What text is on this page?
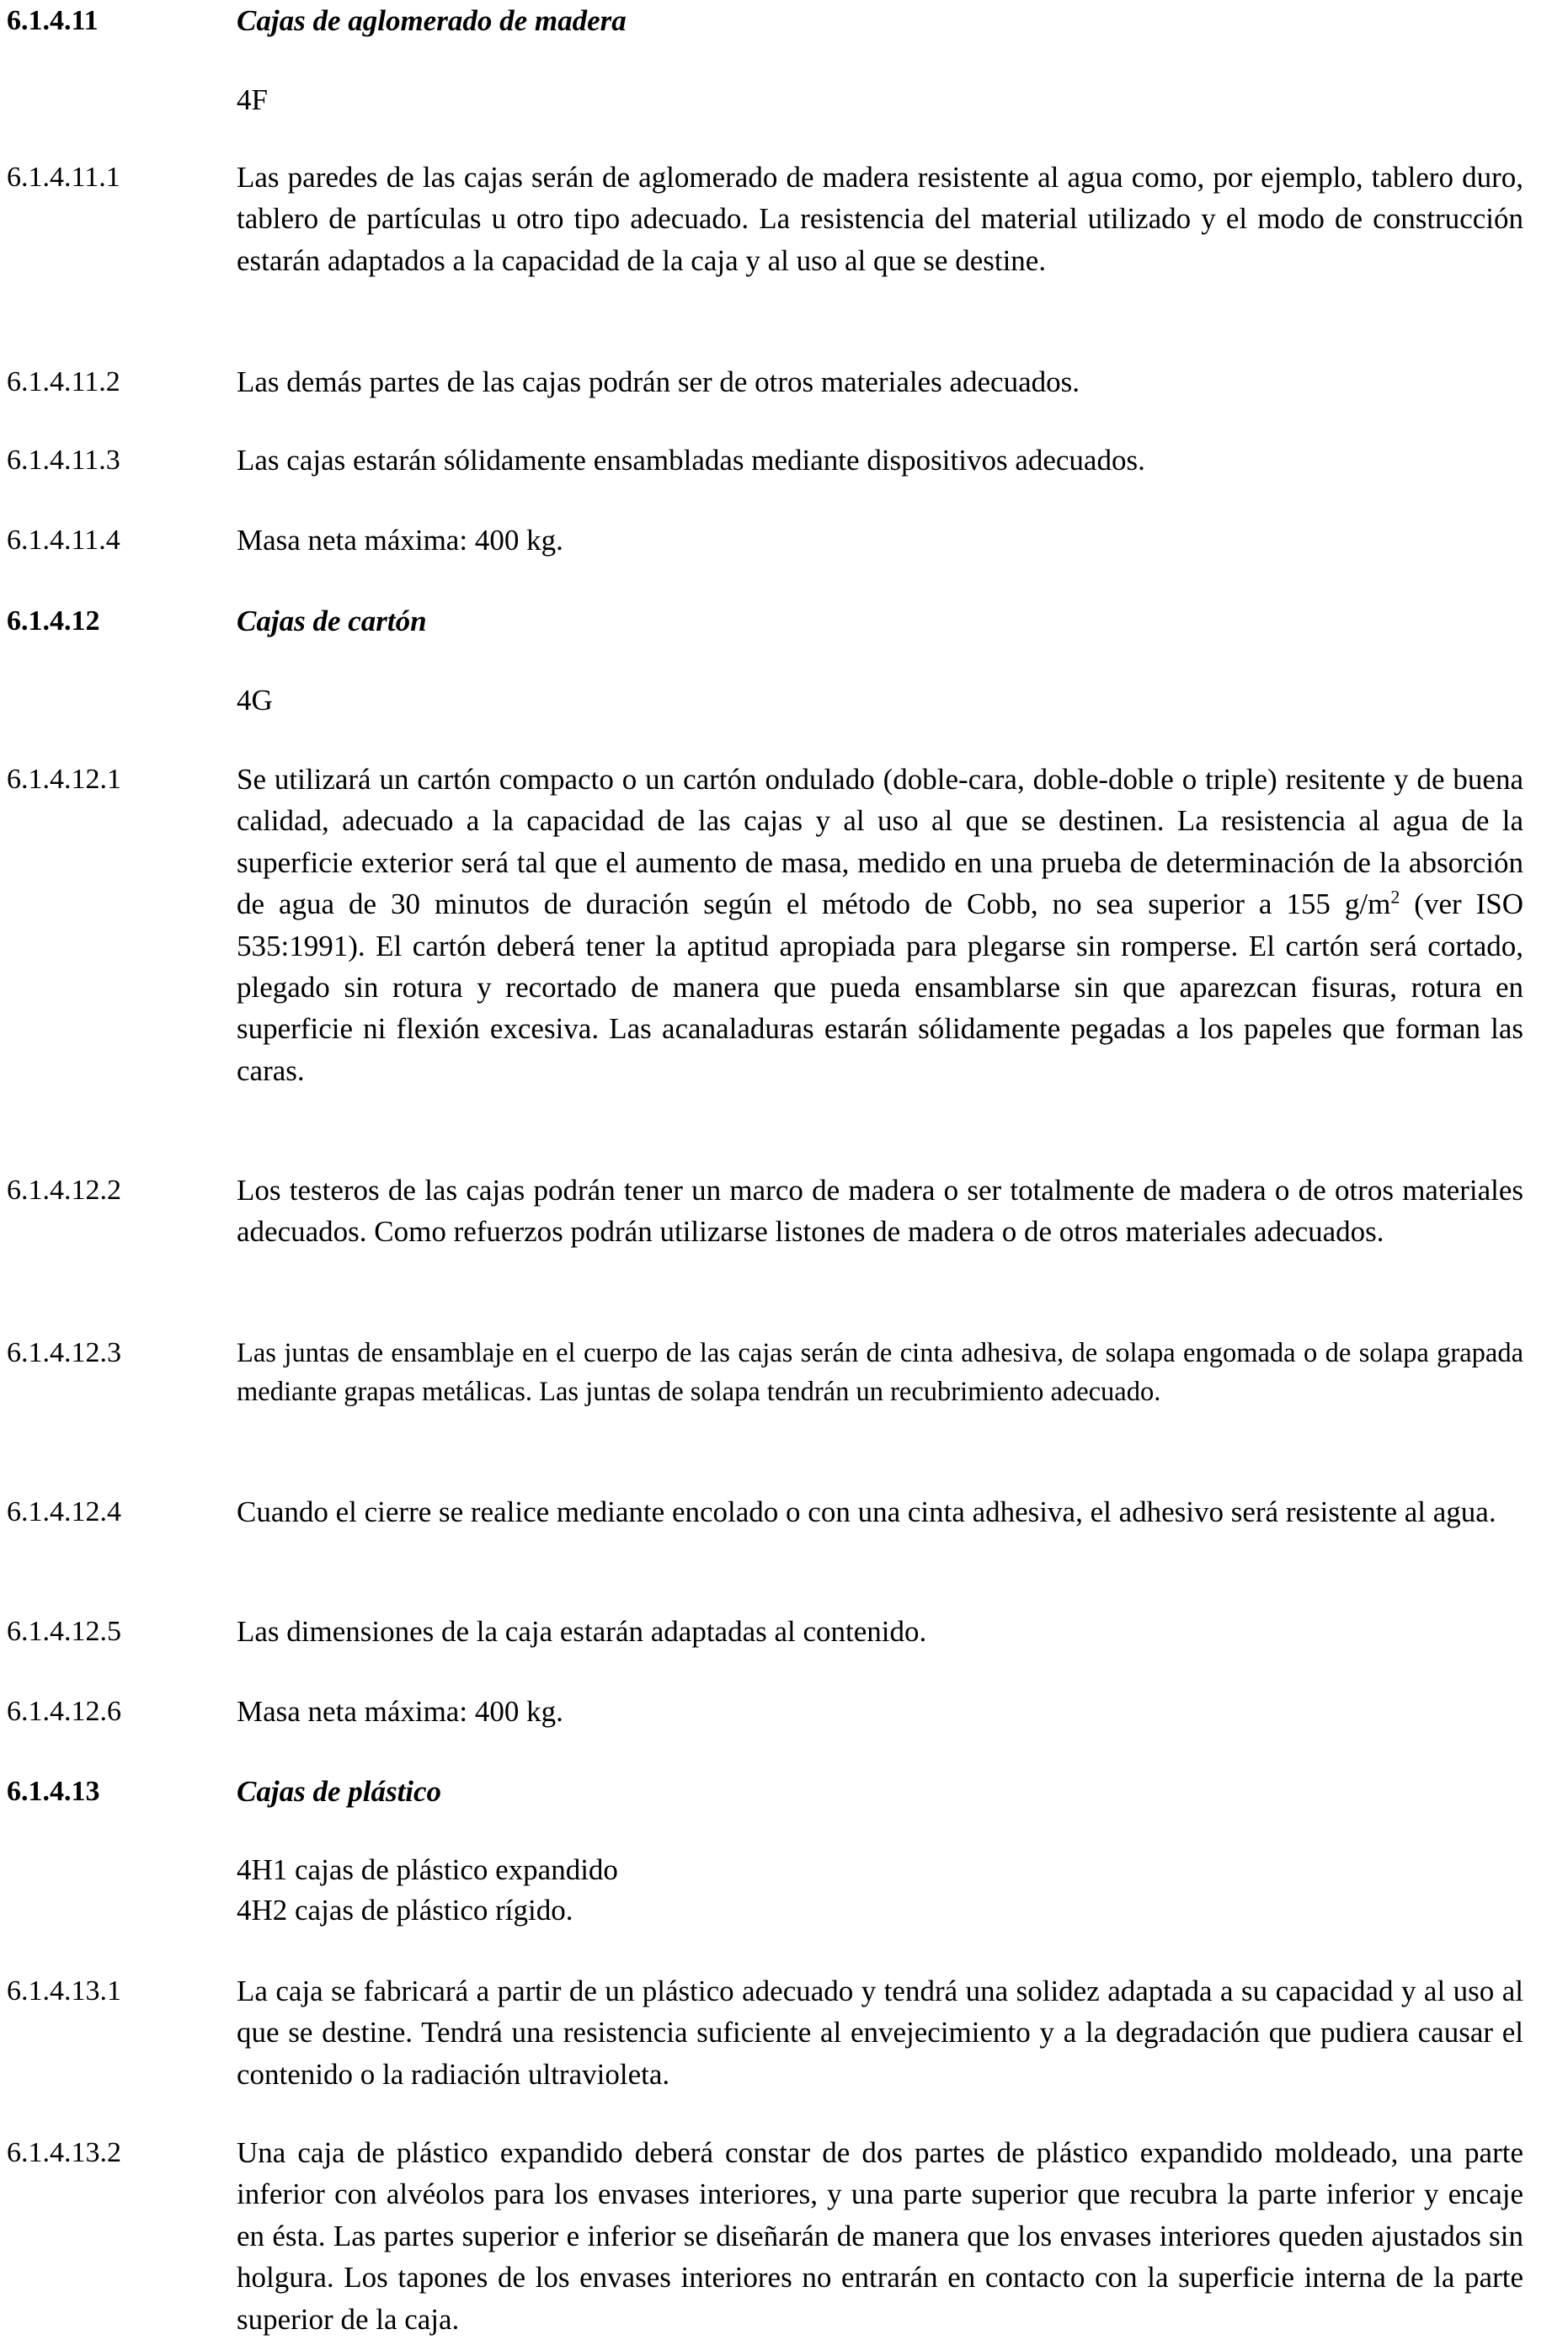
6.1.4.11	Cajas de aglomerado de madera
4F
6.1.4.11.1	Las paredes de las cajas serán de aglomerado de madera resistente al agua como, por ejemplo, tablero duro, tablero de partículas u otro tipo adecuado. La resistencia del material utilizado y el modo de construcción estarán adaptados a la capacidad de la caja y al uso al que se destine.
6.1.4.11.2	Las demás partes de las cajas podrán ser de otros materiales adecuados.
6.1.4.11.3	Las cajas estarán sólidamente ensambladas mediante dispositivos adecuados.
6.1.4.11.4	Masa neta máxima: 400 kg.
6.1.4.12	Cajas de cartón
4G
6.1.4.12.1	Se utilizará un cartón compacto o un cartón ondulado (doble-cara, doble-doble o triple) resitente y de buena calidad, adecuado a la capacidad de las cajas y al uso al que se destinen. La resistencia al agua de la superficie exterior será tal que el aumento de masa, medido en una prueba de determinación de la absorción de agua de 30 minutos de duración según el método de Cobb, no sea superior a 155 $g/m^2$ (ver ISO 535:1991). El cartón deberá tener la aptitud apropiada para plegarse sin romperse. El cartón será cortado, plegado sin rotura y recortado de manera que pueda ensamblarse sin que aparezcan fisuras, rotura en superficie ni flexión excesiva. Las acanaladuras estarán sólidamente pegadas a los papeles que forman las caras.
6.1.4.12.2	Los testeros de las cajas podrán tener un marco de madera o ser totalmente de madera o de otros materiales adecuados. Como refuerzos podrán utilizarse listones de madera o de otros materiales adecuados.
6.1.4.12.3	Las juntas de ensamblaje en el cuerpo de las cajas serán de cinta adhesiva, de solapa engomada o de solapa grapada mediante grapas metálicas. Las juntas de solapa tendrán un recubrimiento adecuado.
6.1.4.12.4	Cuando el cierre se realice mediante encolado o con una cinta adhesiva, el adhesivo será resistente al agua.
6.1.4.12.5	Las dimensiones de la caja estarán adaptadas al contenido.
6.1.4.12.6	Masa neta máxima: 400 kg.
6.1.4.13	Cajas de plástico
4H1 cajas de plástico expandido
4H2 cajas de plástico rígido.
6.1.4.13.1	La caja se fabricará a partir de un plástico adecuado y tendrá una solidez adaptada a su capacidad y al uso al que se destine. Tendrá una resistencia suficiente al envejecimiento y a la degradación que pudiera causar el contenido o la radiación ultravioleta.
6.1.4.13.2	Una caja de plástico expandido deberá constar de dos partes de plástico expandido moldeado, una parte inferior con alvéolos para los envases interiores, y una parte superior que recubra la parte inferior y encaje en ésta. Las partes superior e inferior se diseñarán de manera que los envases interiores queden ajustados sin holgura. Los tapones de los envases interiores no entrarán en contacto con la superficie interna de la parte superior de la caja.
